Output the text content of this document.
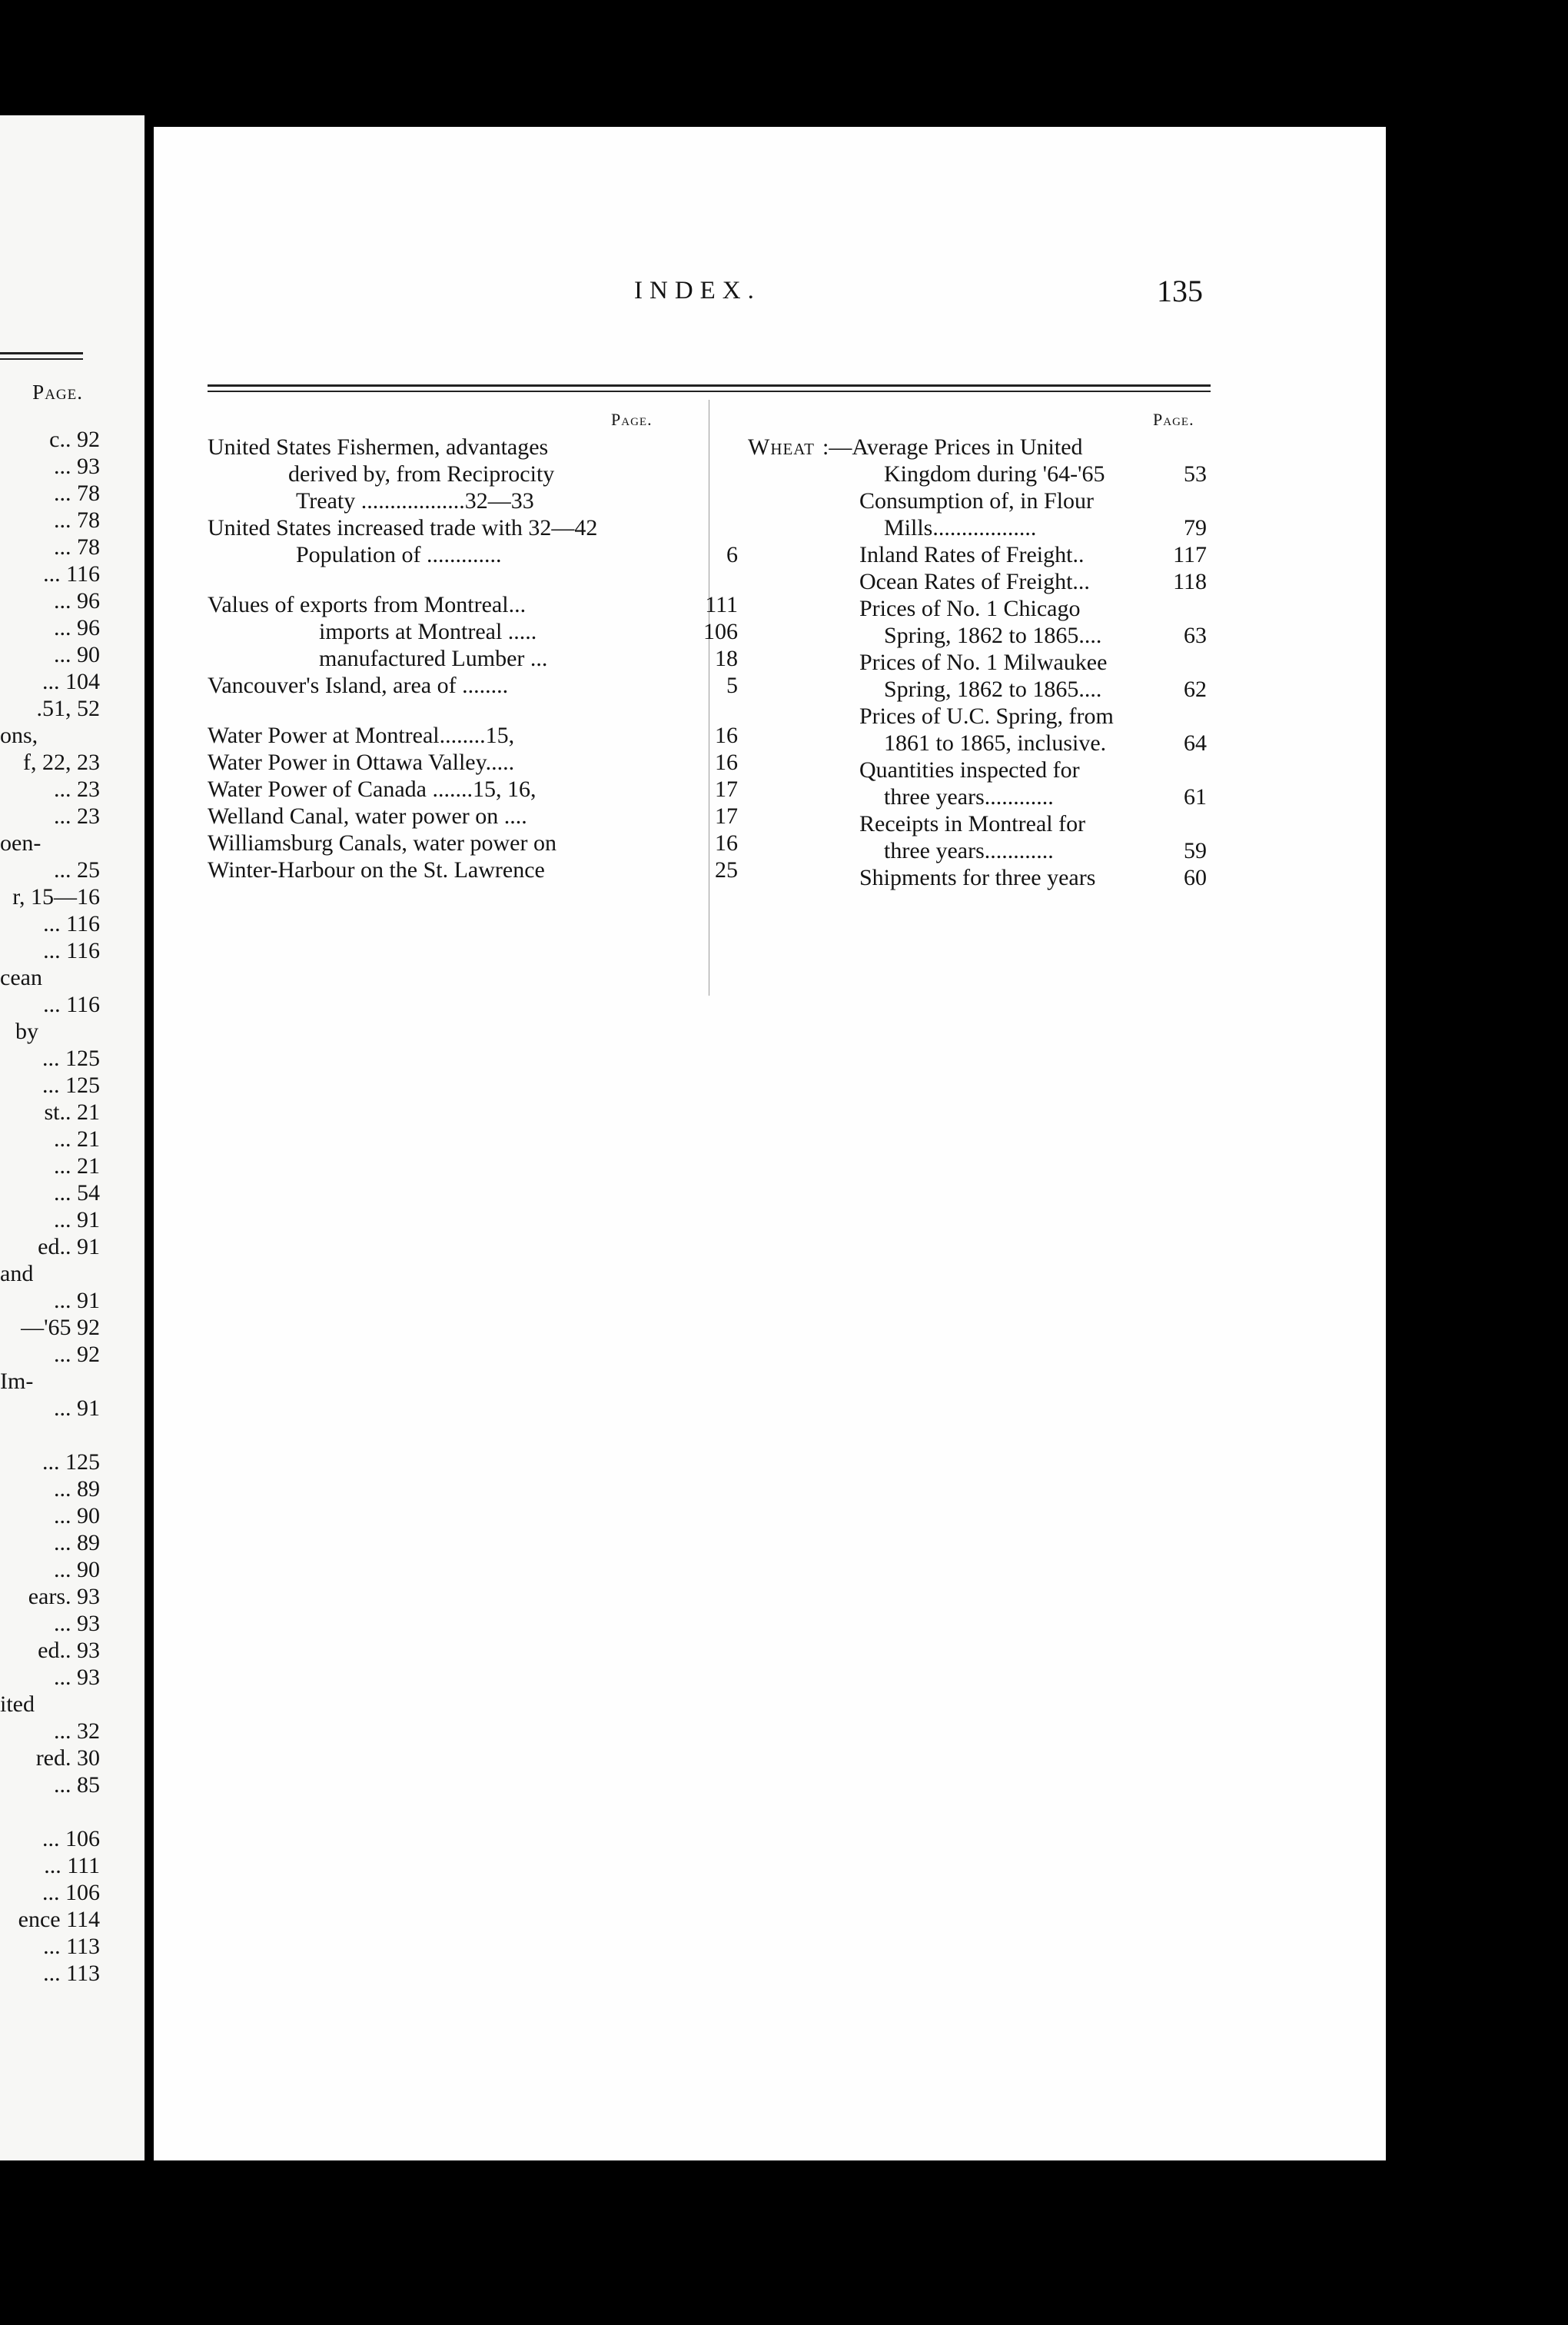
Page.
c.. 92
... 93
... 78
... 78
... 78
... 116
... 96
... 96
... 90
... 104
.51, 52
ons,
f, 22, 23
... 23
... 23
oen-
... 25
r, 15—16
... 116
... 116
cean
... 116
by
... 125
... 125
st.. 21
... 21
... 21
... 54
... 91
ed.. 91
and
... 91
—'65 92
... 92
Im-
... 91
... 125
... 89
... 90
... 89
... 90
ears. 93
... 93
ed.. 93
... 93
ited
... 32
red. 30
... 85
... 106
... 111
... 106
ence 114
... 113
... 113
INDEX.	135
Page.	Page.
United States Fishermen, advantages
derived by, from Reciprocity
Treaty ..................32—33
United States increased trade with 32—42
Population of .............	6
Values of exports from Montreal...	111
imports at Montreal .....	106
manufactured Lumber ...	18
Vancouver's Island, area of ........	5
Water Power at Montreal........15,	16
Water Power in Ottawa Valley.....	16
Water Power of Canada .......15, 16,	17
Welland Canal, water power on ....	17
Williamsburg Canals, water power on	16
Winter-Harbour on the St. Lawrence	25
Wheat :—Average Prices in United
Kingdom during '64-'65	53
Consumption of, in Flour
Mills..................	79
Inland Rates of Freight..	117
Ocean Rates of Freight...	118
Prices of No. 1 Chicago
Spring, 1862 to 1865....	63
Prices of No. 1 Milwaukee
Spring, 1862 to 1865....	62
Prices of U.C. Spring, from
1861 to 1865, inclusive.	64
Quantities inspected for
three years............	61
Receipts in Montreal for
three years............	59
Shipments for three years	60
